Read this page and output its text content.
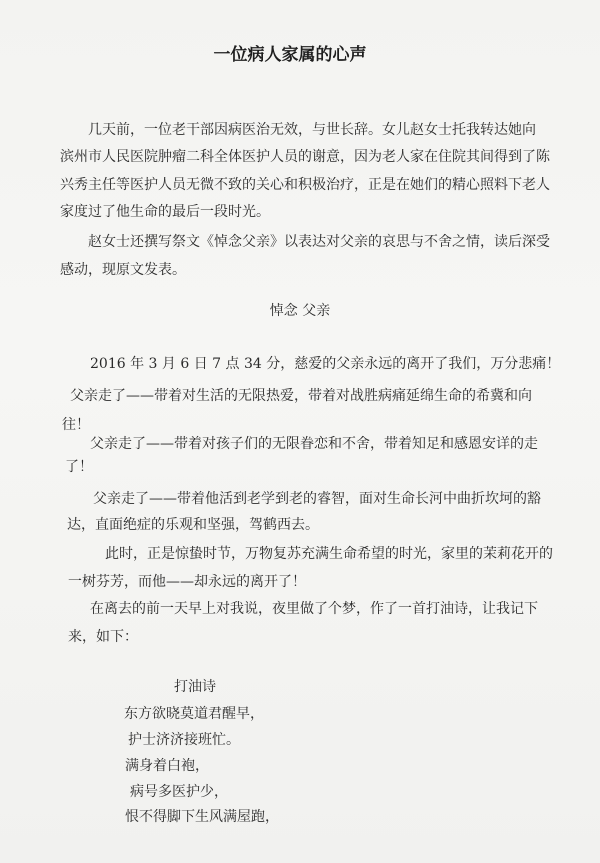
一位病人家属的心声
几天前，一位老干部因病医治无效，与世长辞。女儿赵女士托我转达她向
滨州市人民医院肿瘤二科全体医护人员的谢意，因为老人家在住院其间得到了陈
兴秀主任等医护人员无微不致的关心和积极治疗，正是在她们的精心照料下老人
家度过了他生命的最后一段时光。
赵女士还撰写祭文《悼念父亲》以表达对父亲的哀思与不舍之情，读后深受
感动，现原文发表。
悼念 父亲
2016 年 3 月 6 日 7 点 34 分，慈爱的父亲永远的离开了我们，万分悲痛！
父亲走了——带着对生活的无限热爱，带着对战胜病痛延绵生命的希冀和向
往！
父亲走了——带着对孩子们的无限眷恋和不舍，带着知足和感恩安详的走
了！
父亲走了——带着他活到老学到老的睿智，面对生命长河中曲折坎坷的豁
达，直面绝症的乐观和坚强，驾鹤西去。
此时，正是惊蛰时节，万物复苏充满生命希望的时光，家里的茉莉花开的
一树芬芳，而他——却永远的离开了！
在离去的前一天早上对我说，夜里做了个梦，作了一首打油诗，让我记下
来，如下：
打油诗
东方欲晓莫道君醒早，
护士济济接班忙。
满身着白袍，
病号多医护少，
恨不得脚下生风满屋跑，
